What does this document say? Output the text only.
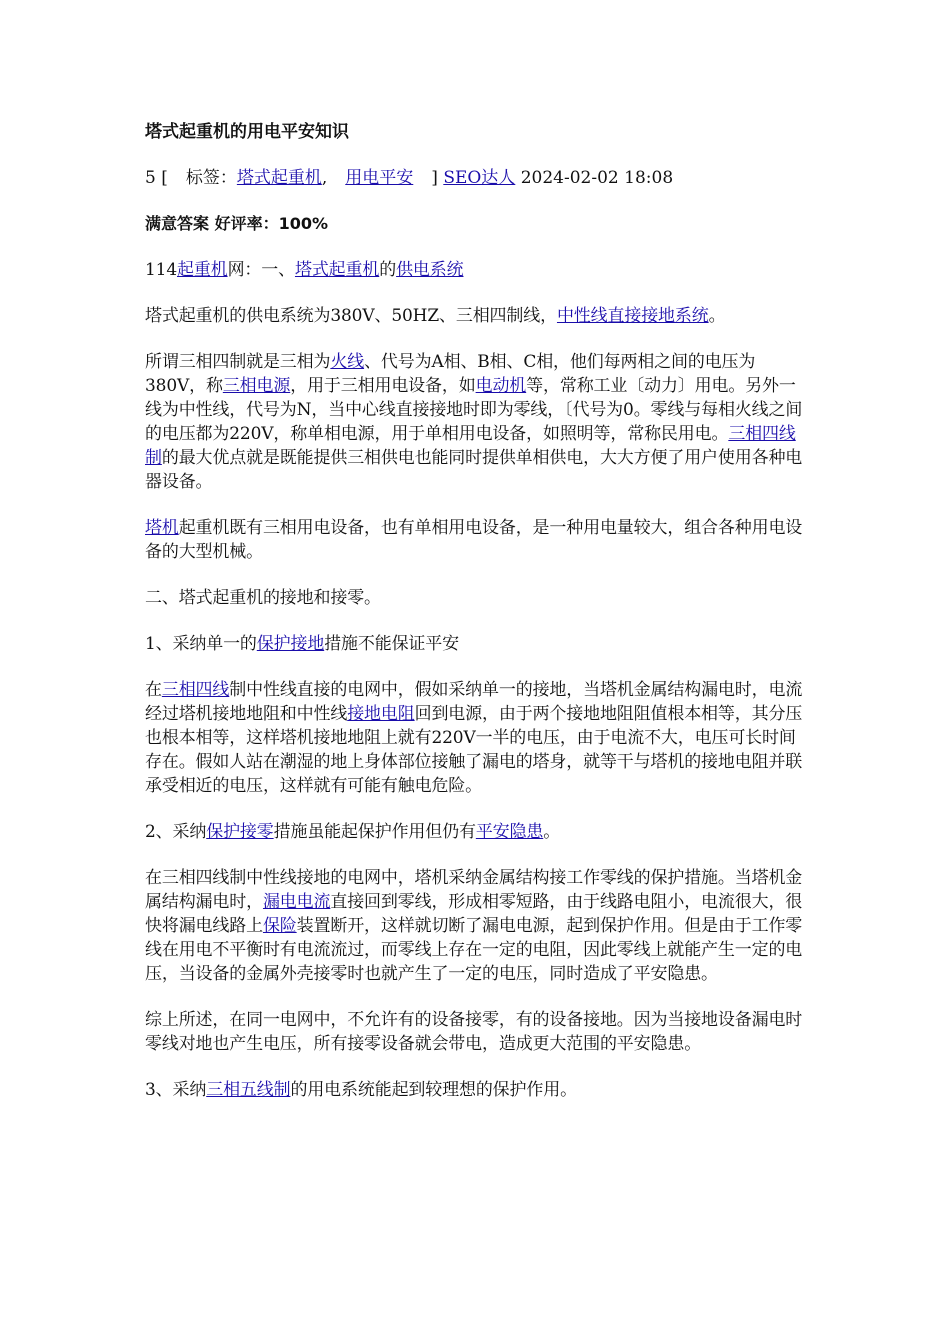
塔式起重机的用电平安知识
5 [ 标签：塔式起重机, 用电平安 ] SEO达人 2024-02-02 18:08
满意答案 好评率：100%

114起重机网：一、塔式起重机的供电系统

塔式起重机的供电系统为380V、50HZ、三相四制线，中性线直接接地系统。

所谓三相四制就是三相为火线、代号为A相、B相、C相，他们每两相之间的电压为380V，称三相电源，用于三相用电设备，如电动机等，常称工业〔动力〕用电。另外一线为中性线，代号为N，当中心线直接接地时即为零线，〔代号为0。零线与每相火线之间的电压都为220V，称单相电源，用于单相用电设备，如照明等，常称民用电。三相四线制的最大优点就是既能提供三相供电也能同时提供单相供电，大大方便了用户使用各种电器设备。

塔机起重机既有三相用电设备，也有单相用电设备，是一种用电量较大，组合各种用电设备的大型机械。

二、塔式起重机的接地和接零。

1、采纳单一的保护接地措施不能保证平安

在三相四线制中性线直接的电网中，假如采纳单一的接地，当塔机金属结构漏电时，电流经过塔机接地地阻和中性线接地电阻回到电源，由于两个接地地阻阻值根本相等，其分压也根本相等，这样塔机接地地阻上就有220V一半的电压，由于电流不大，电压可长时间存在。假如人站在潮湿的地上身体部位接触了漏电的塔身，就等干与塔机的接地电阻并联承受相近的电压，这样就有可能有触电危险。

2、采纳保护接零措施虽能起保护作用但仍有平安隐患。

在三相四线制中性线接地的电网中，塔机采纳金属结构接工作零线的保护措施。当塔机金属结构漏电时，漏电电流直接回到零线，形成相零短路，由于线路电阻小，电流很大，很快将漏电线路上保险装置断开，这样就切断了漏电电源，起到保护作用。但是由于工作零线在用电不平衡时有电流流过，而零线上存在一定的电阻，因此零线上就能产生一定的电压，当设备的金属外壳接零时也就产生了一定的电压，同时造成了平安隐患。

综上所述，在同一电网中，不允许有的设备接零，有的设备接地。因为当接地设备漏电时零线对地也产生电压，所有接零设备就会带电，造成更大范围的平安隐患。

3、采纳三相五线制的用电系统能起到较理想的保护作用。
